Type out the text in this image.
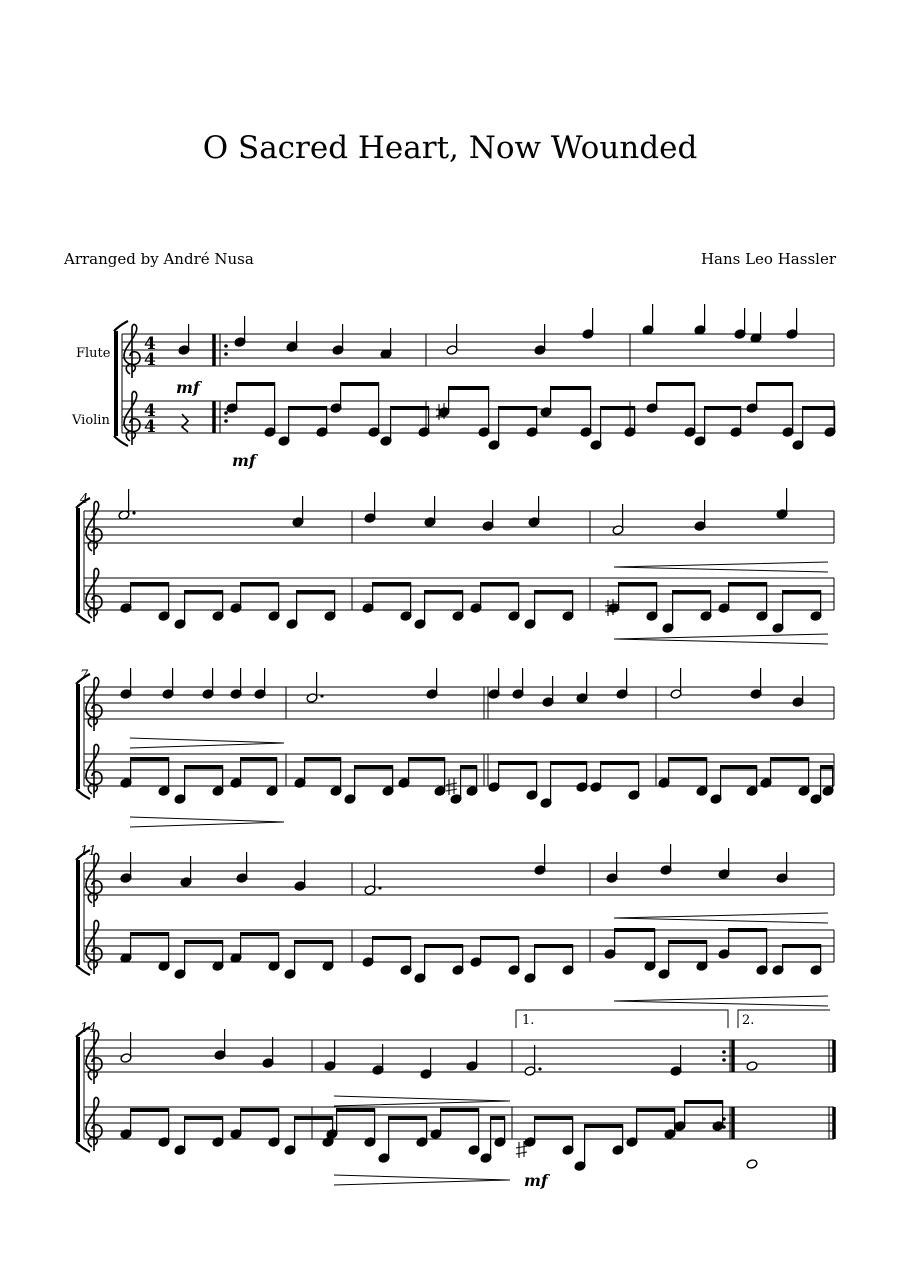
O Sacred Heart, Now Wounded
Arranged by André Nusa	Hans Leo Hassler
Flute
Violin
4
4
4
4
4
7
11
14
mf
mf
mf
1.	2.
